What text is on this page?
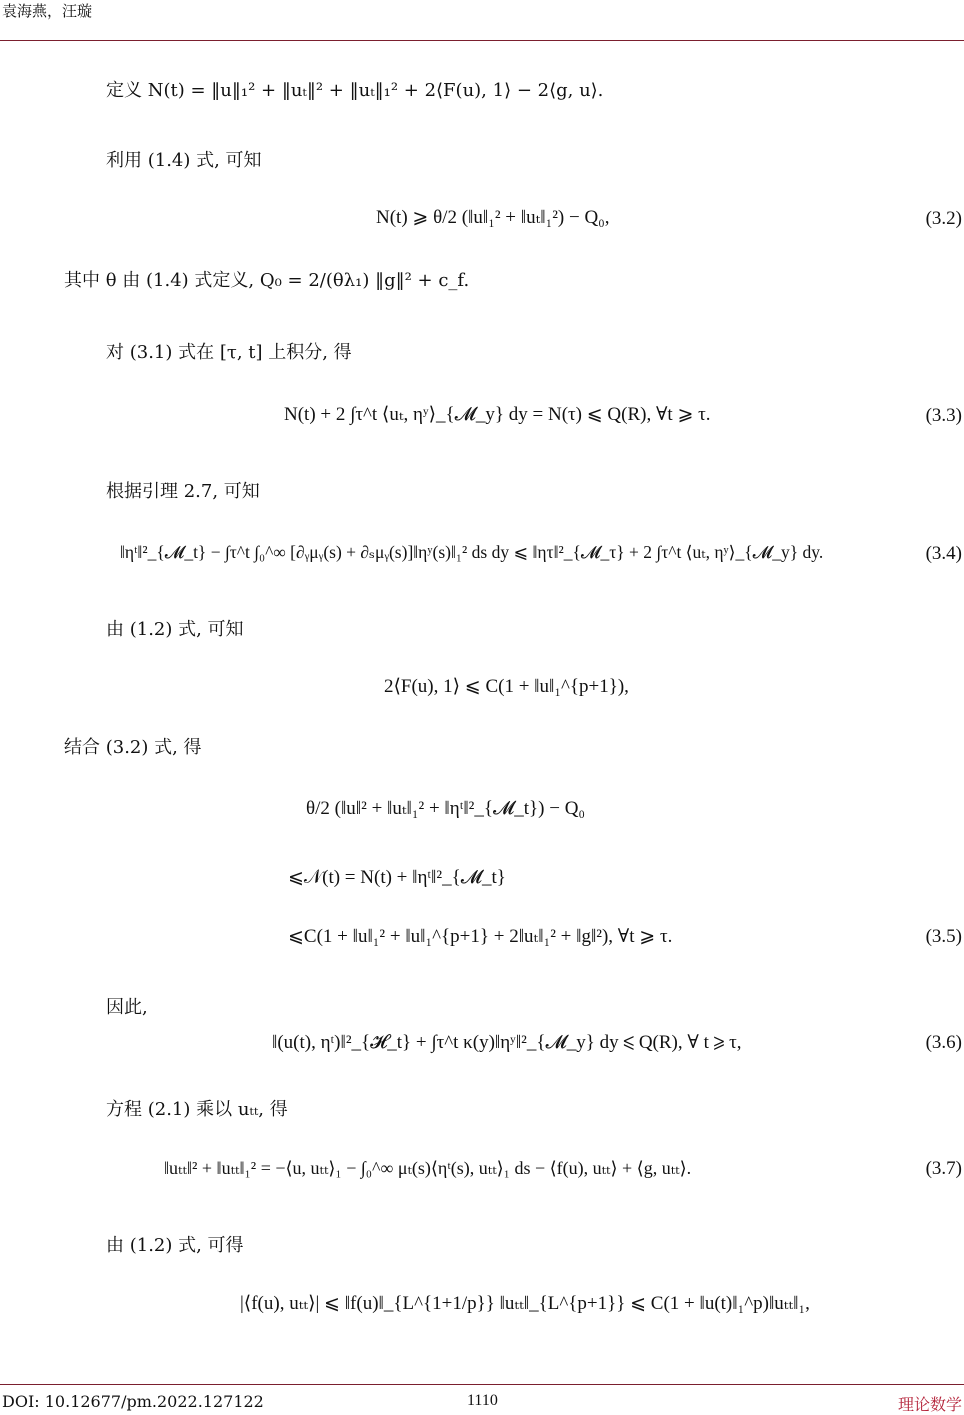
袁海燕，汪璇
定义 N(t) = ‖u‖₁² + ‖uₜ‖² + ‖uₜ‖₁² + 2⟨F(u), 1⟩ − 2⟨g, u⟩.
利用 (1.4) 式, 可知
N(t) ⩾ θ/2 (‖u‖₁² + ‖uₜ‖₁²) − Q₀,	(3.2)
其中 θ 由 (1.4) 式定义, Q₀ = 2/(θλ₁) ‖g‖² + c_f.
对 (3.1) 式在 [τ, t] 上积分, 得
N(t) + 2 ∫τ^t ⟨uₜ, ηʸ⟩_{𝓜_y} dy = N(τ) ⩽ Q(R), ∀t ⩾ τ.	(3.3)
根据引理 2.7, 可知
‖ηᵗ‖²_{𝓜_t} − ∫τ^t ∫₀^∞ [∂ᵧμᵧ(s) + ∂ₛμᵧ(s)]‖ηʸ(s)‖₁² ds dy ⩽ ‖ητ‖²_{𝓜_τ} + 2 ∫τ^t ⟨uₜ, ηʸ⟩_{𝓜_y} dy.	(3.4)
由 (1.2) 式, 可知
2⟨F(u), 1⟩ ⩽ C(1 + ‖u‖₁^{p+1}),
结合 (3.2) 式, 得
θ/2 (‖u‖² + ‖uₜ‖₁² + ‖ηᵗ‖²_{𝓜_t}) − Q₀
⩽𝒩(t) = N(t) + ‖ηᵗ‖²_{𝓜_t}
⩽C(1 + ‖u‖₁² + ‖u‖₁^{p+1} + 2‖uₜ‖₁² + ‖g‖²), ∀t ⩾ τ.	(3.5)
因此,
‖(u(t), ηᵗ)‖²_{𝓗_t} + ∫τ^t κ(y)‖ηʸ‖²_{𝓜_y} dy ⩽ Q(R), ∀ t ⩾ τ,	(3.6)
方程 (2.1) 乘以 uₜₜ, 得
‖uₜₜ‖² + ‖uₜₜ‖₁² = −⟨u, uₜₜ⟩₁ − ∫₀^∞ μₜ(s)⟨ηᵗ(s), uₜₜ⟩₁ ds − ⟨f(u), uₜₜ⟩ + ⟨g, uₜₜ⟩.	(3.7)
由 (1.2) 式, 可得
|⟨f(u), uₜₜ⟩| ⩽ ‖f(u)‖_{L^{1+1/p}} ‖uₜₜ‖_{L^{p+1}} ⩽ C(1 + ‖u(t)‖₁^p)‖uₜₜ‖₁,
DOI: 10.12677/pm.2022.127122	1110	理论数学
